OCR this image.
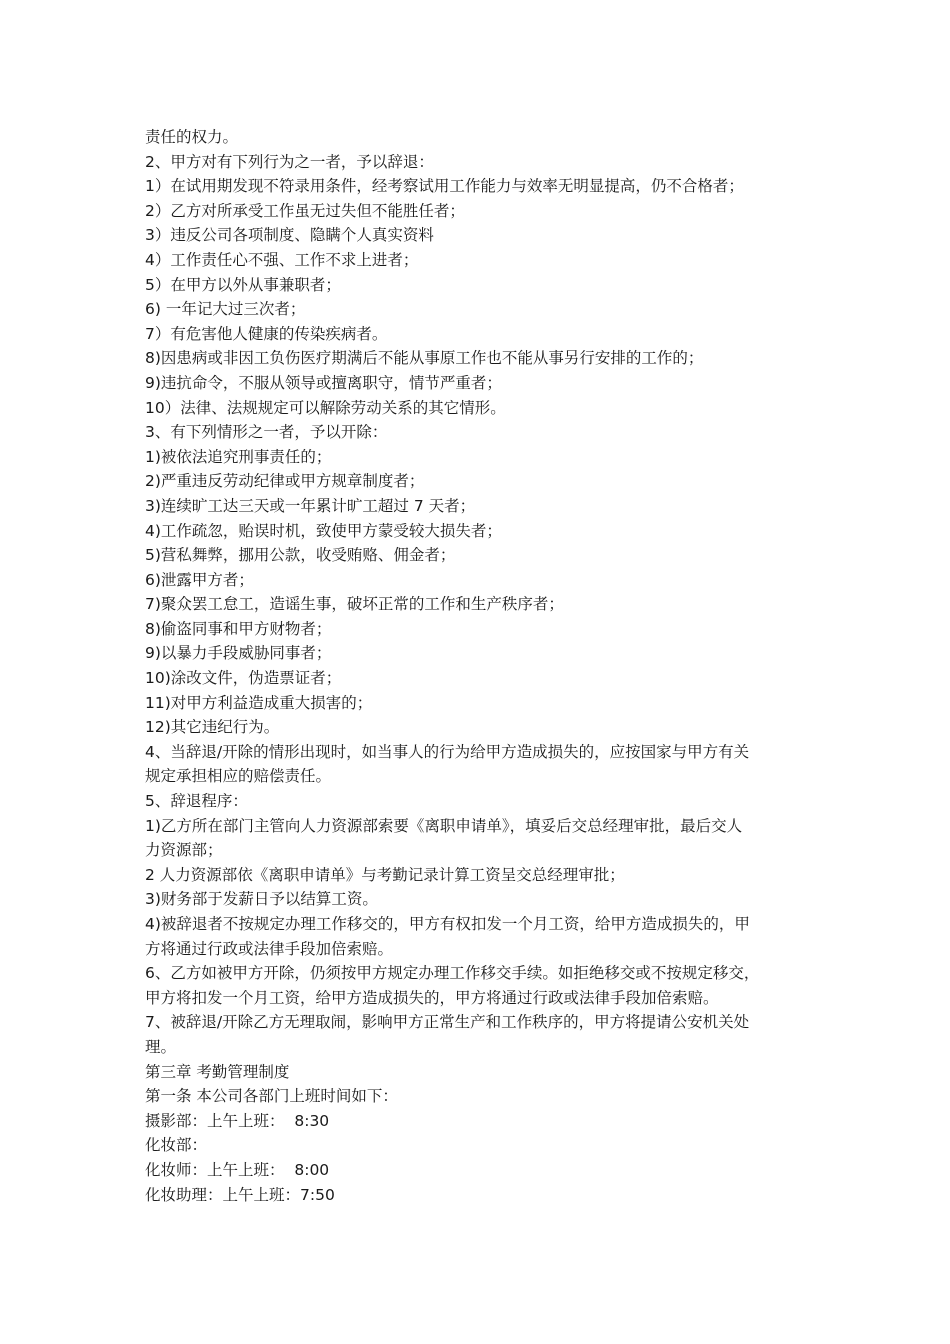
责任的权力。
2、甲方对有下列行为之一者，予以辞退：
1）在试用期发现不符录用条件，经考察试用工作能力与效率无明显提高，仍不合格者；
2）乙方对所承受工作虽无过失但不能胜任者；
3）违反公司各项制度、隐瞒个人真实资料
4）工作责任心不强、工作不求上进者；
5）在甲方以外从事兼职者；
6) 一年记大过三次者；
7）有危害他人健康的传染疾病者。
8)因患病或非因工负伤医疗期满后不能从事原工作也不能从事另行安排的工作的；
9)违抗命令，不服从领导或擅离职守，情节严重者；
10）法律、法规规定可以解除劳动关系的其它情形。
3、有下列情形之一者，予以开除：
1)被依法追究刑事责任的；
2)严重违反劳动纪律或甲方规章制度者；
3)连续旷工达三天或一年累计旷工超过 7 天者；
4)工作疏忽，贻误时机，致使甲方蒙受较大损失者；
5)营私舞弊，挪用公款，收受贿赂、佣金者；
6)泄露甲方者；
7)聚众罢工怠工，造谣生事，破坏正常的工作和生产秩序者；
8)偷盗同事和甲方财物者；
9)以暴力手段威胁同事者；
10)涂改文件，伪造票证者；
11)对甲方利益造成重大损害的；
12)其它违纪行为。
4、当辞退/开除的情形出现时，如当事人的行为给甲方造成损失的，应按国家与甲方有关
规定承担相应的赔偿责任。
5、辞退程序：
1)乙方所在部门主管向人力资源部索要《离职申请单》，填妥后交总经理审批，最后交人
力资源部；
2 人力资源部依《离职申请单》与考勤记录计算工资呈交总经理审批；
3)财务部于发薪日予以结算工资。
4)被辞退者不按规定办理工作移交的，甲方有权扣发一个月工资，给甲方造成损失的，甲
方将通过行政或法律手段加倍索赔。
6、乙方如被甲方开除，仍须按甲方规定办理工作移交手续。如拒绝移交或不按规定移交，
甲方将扣发一个月工资，给甲方造成损失的，甲方将通过行政或法律手段加倍索赔。
7、被辞退/开除乙方无理取闹，影响甲方正常生产和工作秩序的，甲方将提请公安机关处
理。
第三章 考勤管理制度
第一条 本公司各部门上班时间如下：
摄影部：上午上班：  8:30
化妆部：
化妆师：上午上班：  8:00
化妆助理：上午上班：7:50
